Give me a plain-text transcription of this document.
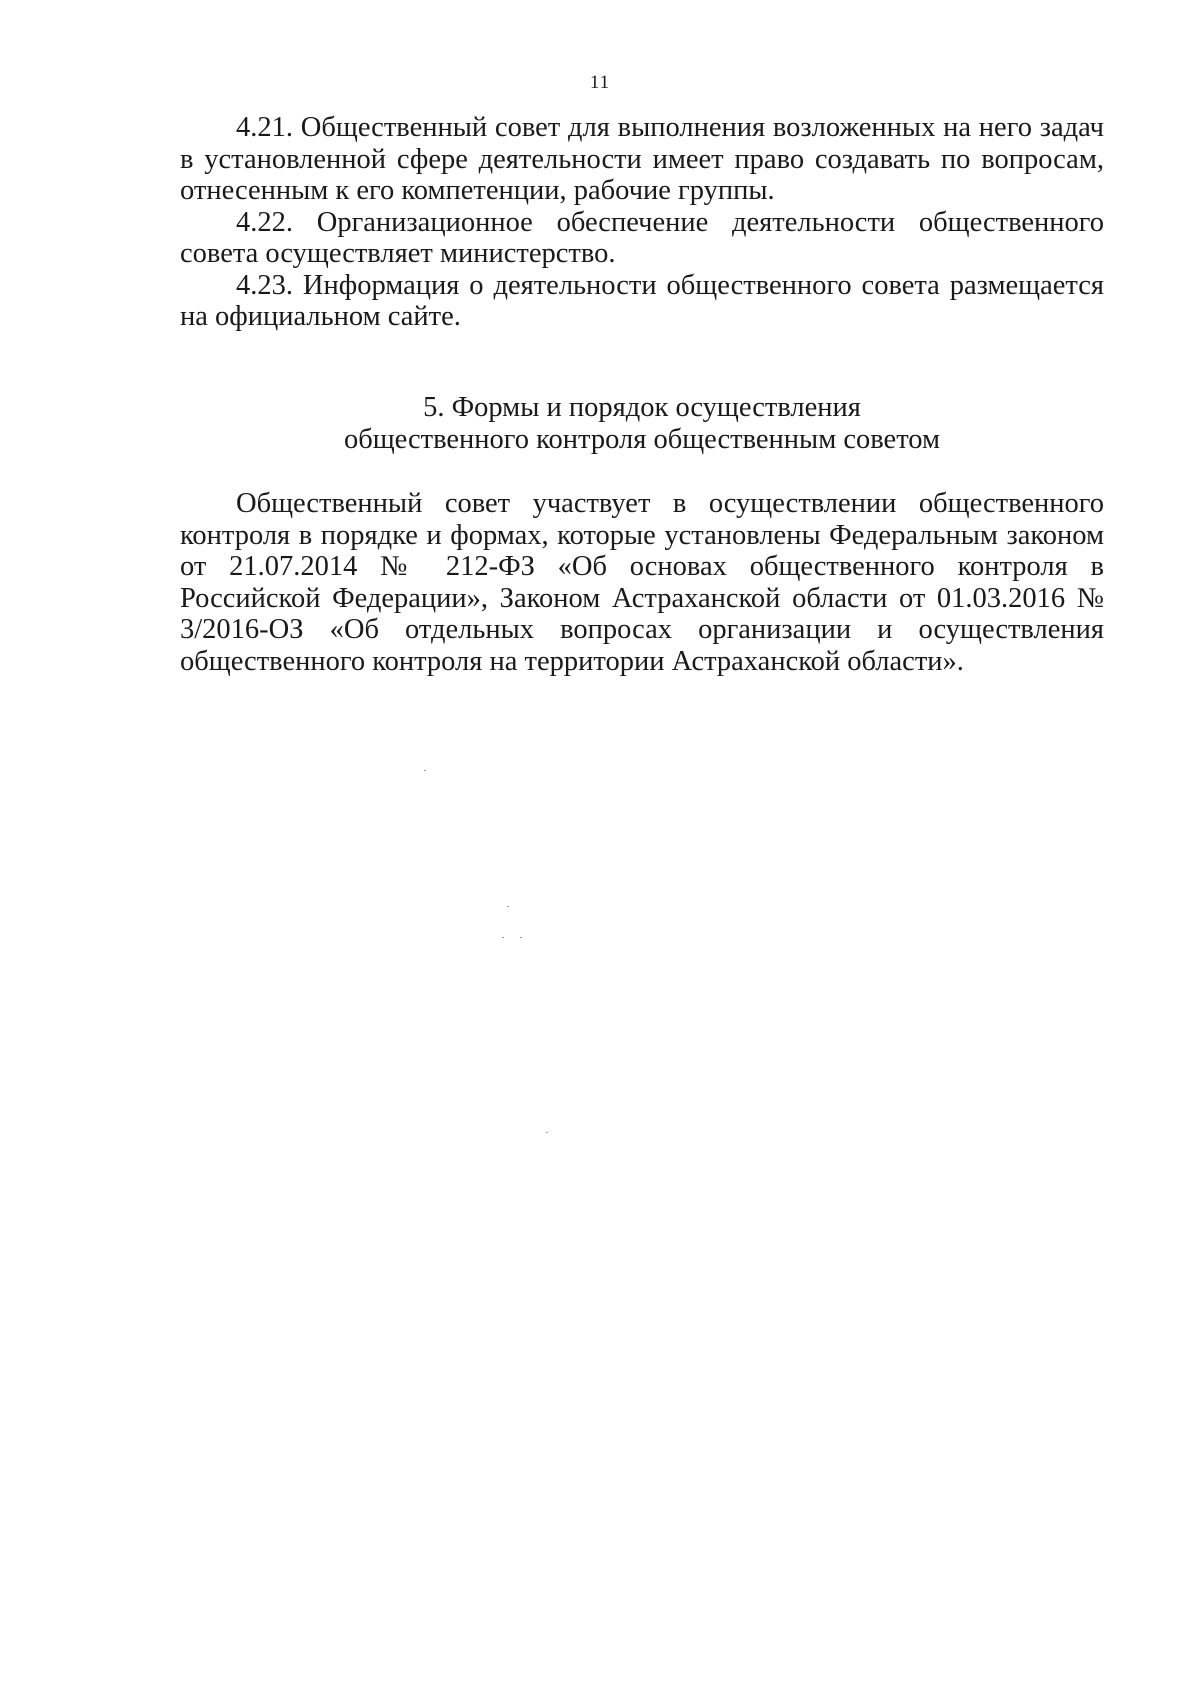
11

4.21. Общественный совет для выполнения возложенных на него задач в установленной сфере деятельности имеет право создавать по вопросам, отнесенным к его компетенции, рабочие группы.

4.22. Организационное обеспечение деятельности общественного совета осуществляет министерство.

4.23. Информация о деятельности общественного совета размещается на официальном сайте.

5. Формы и порядок осуществления
общественного контроля общественным советом

Общественный совет участвует в осуществлении общественного контроля в порядке и формах, которые установлены Федеральным законом от 21.07.2014 № 212-ФЗ «Об основах общественного контроля в Российской Федерации», Законом Астраханской области от 01.03.2016 № 3/2016-ОЗ «Об отдельных вопросах организации и осуществления общественного контроля на территории Астраханской области».
